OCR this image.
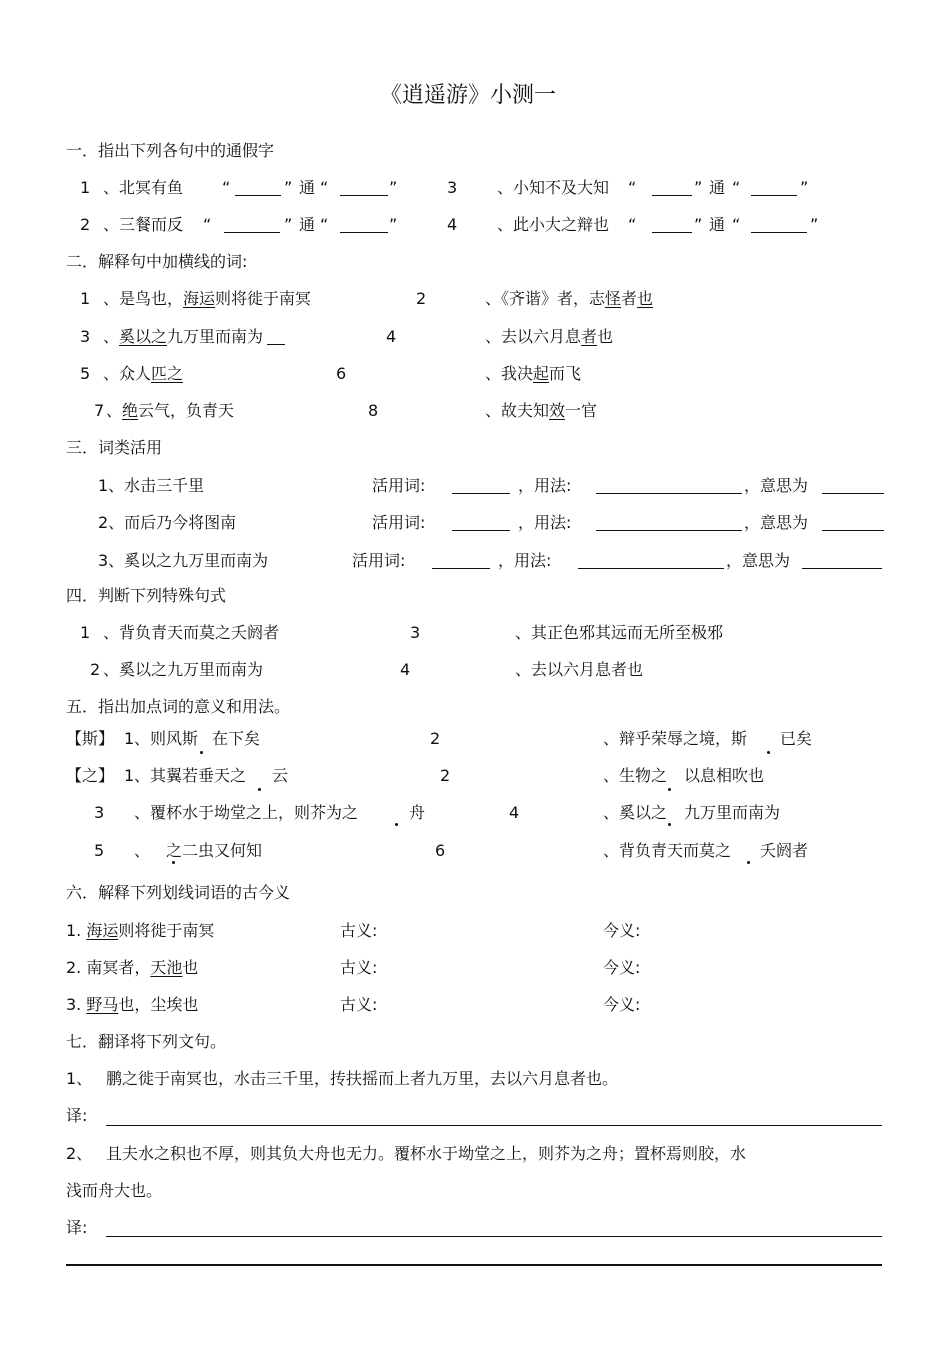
《逍遥游》小测一
一．指出下列各句中的通假字
1 、北冥有鱼 “	” 通 “	”	3 、小知不及大知 “	” 通 “	”
2 、三餐而反 “	” 通 “	”	4 、此小大之辩也 “	” 通 “	”
二．解释句中加横线的词:
1 、是鸟也，海运则将徙于南冥	2	、《齐谐》者，志怪者也
3 、奚以之九万里而南为	4	、去以六月息者也
5 、众人匹之	6	、我决起而飞
7 、绝云气，负青天	8	、故夫知效一官
三．词类活用
1、水击三千里	活用词:	，用法:	，意思为
2、而后乃今将图南	活用词:	，用法:	，意思为
3、奚以之九万里而南为	活用词:	，用法:	，意思为
四．判断下列特殊句式
1 、背负青天而莫之夭阏者	3	、其正色邪其远而无所至极邪
2 、奚以之九万里而南为	4	、去以六月息者也
五．指出加点词的意义和用法。
【斯】 1 、则风斯 在下矣	2	、辩乎荣辱之境，斯 已矣
【之】 1 、其翼若垂天之 云	2	、生物之 以息相吹也
3 、覆杯水于坳堂之上，则芥为之	舟	4	、奚以之 九万里而南为
5 、 之二虫又何知	6	、背负青天而莫之 夭阏者
六．解释下列划线词语的古今义
1. 海运则将徙于南冥	古义:	今义:
2. 南冥者，天池也	古义:	今义:
3. 野马也，尘埃也	古义:	今义:
七．翻译将下列文句。
1、 鹏之徙于南冥也，水击三千里，抟扶摇而上者九万里，去以六月息者也。
译:
2、 且夫水之积也不厚，则其负大舟也无力。覆杯水于坳堂之上，则芥为之舟；置杯焉则胶，水
浅而舟大也。
译:
